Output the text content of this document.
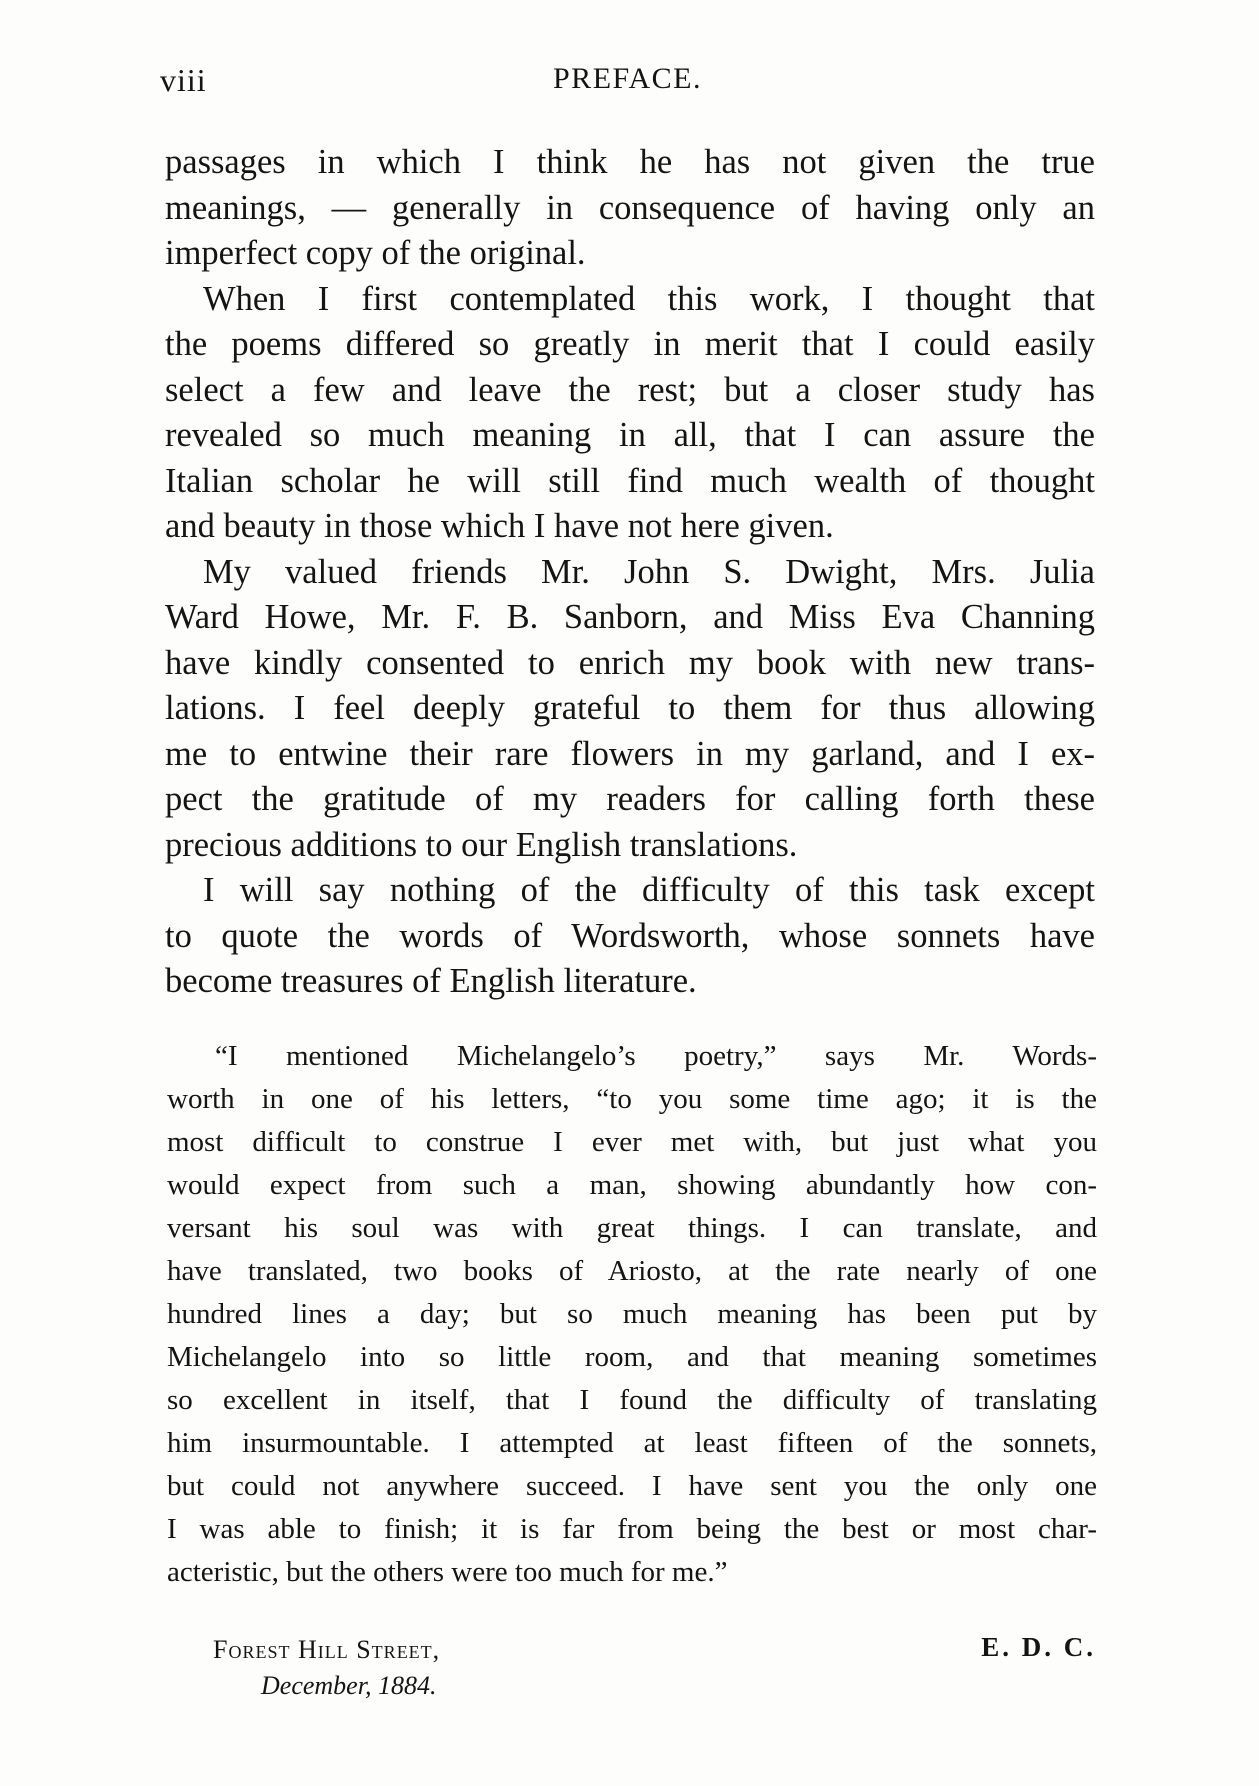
viii	PREFACE.
passages in which I think he has not given the true
meanings, — generally in consequence of having only an
imperfect copy of the original.
When I first contemplated this work, I thought that
the poems differed so greatly in merit that I could easily
select a few and leave the rest; but a closer study has
revealed so much meaning in all, that I can assure the
Italian scholar he will still find much wealth of thought
and beauty in those which I have not here given.
My valued friends Mr. John S. Dwight, Mrs. Julia
Ward Howe, Mr. F. B. Sanborn, and Miss Eva Channing
have kindly consented to enrich my book with new trans-
lations. I feel deeply grateful to them for thus allowing
me to entwine their rare flowers in my garland, and I ex-
pect the gratitude of my readers for calling forth these
precious additions to our English translations.
I will say nothing of the difficulty of this task except
to quote the words of Wordsworth, whose sonnets have
become treasures of English literature.
“I mentioned Michelangelo’s poetry,” says Mr. Words-
worth in one of his letters, “to you some time ago; it is the
most difficult to construe I ever met with, but just what you
would expect from such a man, showing abundantly how con-
versant his soul was with great things. I can translate, and
have translated, two books of Ariosto, at the rate nearly of one
hundred lines a day; but so much meaning has been put by
Michelangelo into so little room, and that meaning sometimes
so excellent in itself, that I found the difficulty of translating
him insurmountable. I attempted at least fifteen of the sonnets,
but could not anywhere succeed. I have sent you the only one
I was able to finish; it is far from being the best or most char-
acteristic, but the others were too much for me.”
Forest Hill Street,
December, 1884.
E. D. C.
